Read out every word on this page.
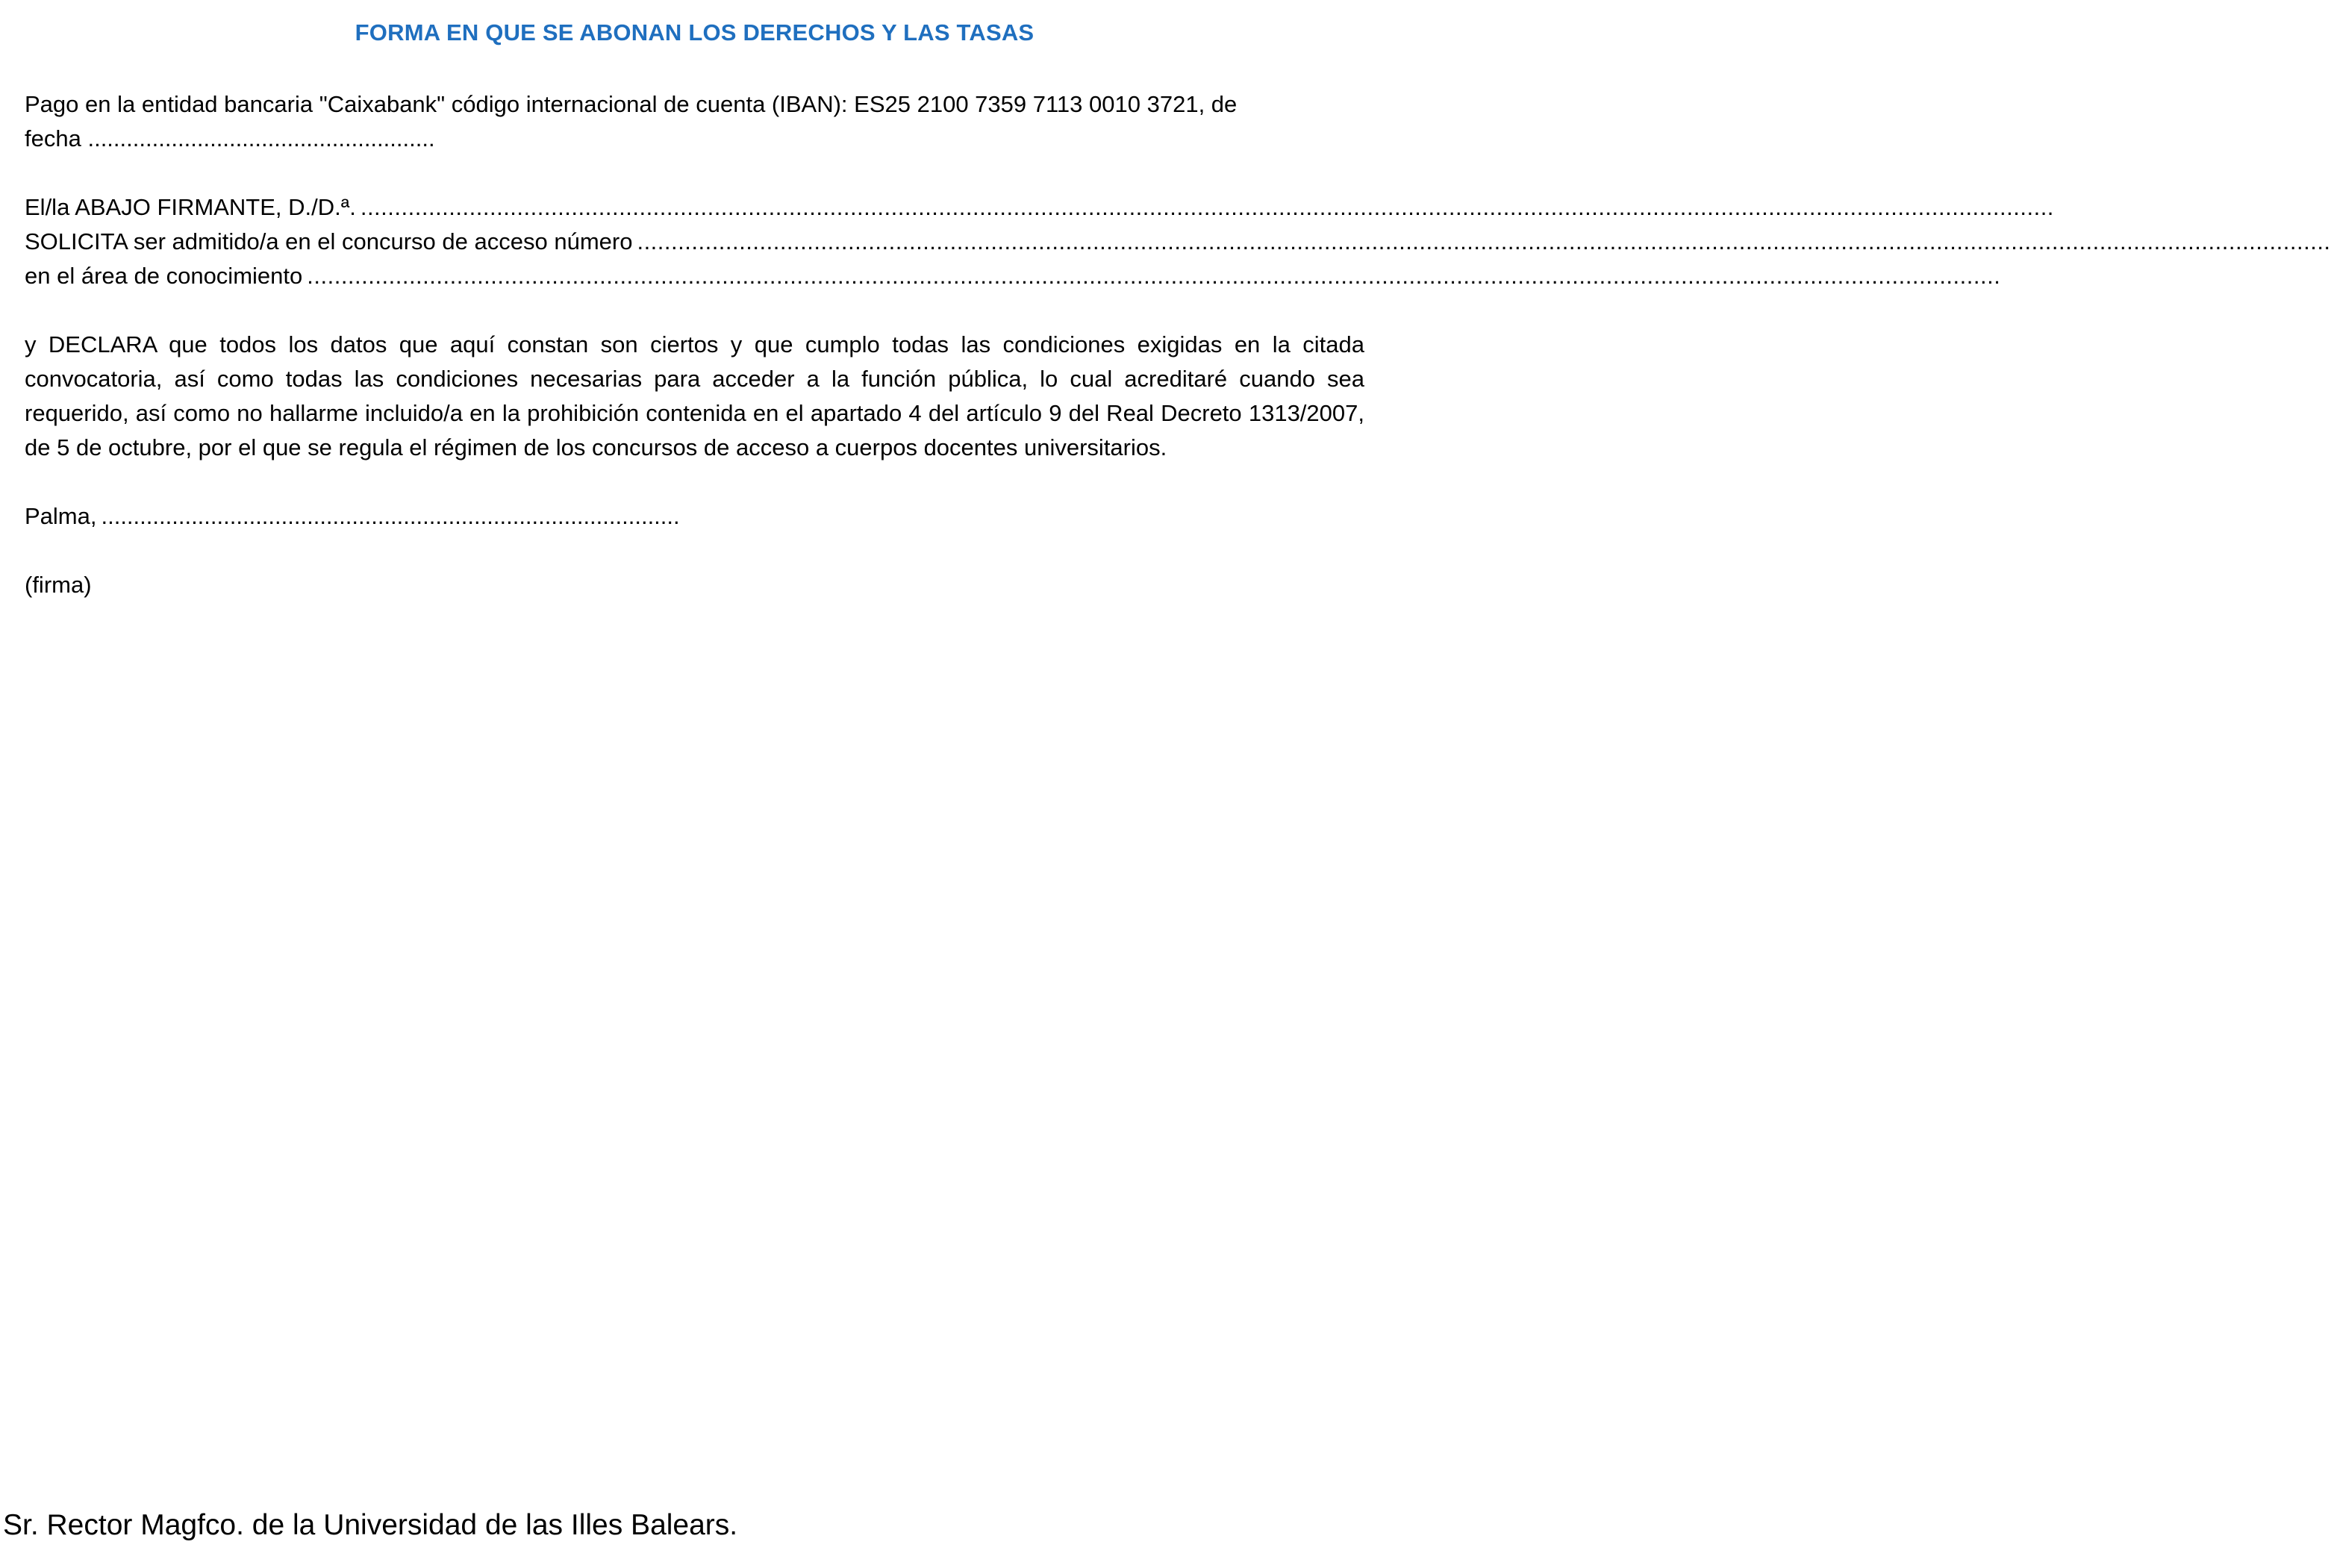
FORMA EN QUE SE ABONAN LOS DERECHOS Y LAS TASAS

Pago en la entidad bancaria "Caixabank" código internacional de cuenta (IBAN): ES25 2100 7359 7113 0010 3721, de
fecha ......................................................

El/la ABAJO FIRMANTE, D./D.ª. .........................................................................................................................................................................................................................................................
SOLICITA ser admitido/a en el concurso de acceso número .........................................................................................................................................................................................................................................................
en el área de conocimiento .........................................................................................................................................................................................................................................................

y DECLARA que todos los datos que aquí constan son ciertos y que cumplo todas las condiciones exigidas en la citada convocatoria, así como todas las condiciones necesarias para acceder a la función pública, lo cual acreditaré cuando sea requerido, así como no hallarme incluido/a en la prohibición contenida en el apartado 4 del artículo 9 del Real Decreto 1313/2007, de 5 de octubre, por el que se regula el régimen de los concursos de acceso a cuerpos docentes universitarios.

Palma, ..........................................................................................
(firma)
Sr. Rector Magfco. de la Universidad de las Illes Balears.
